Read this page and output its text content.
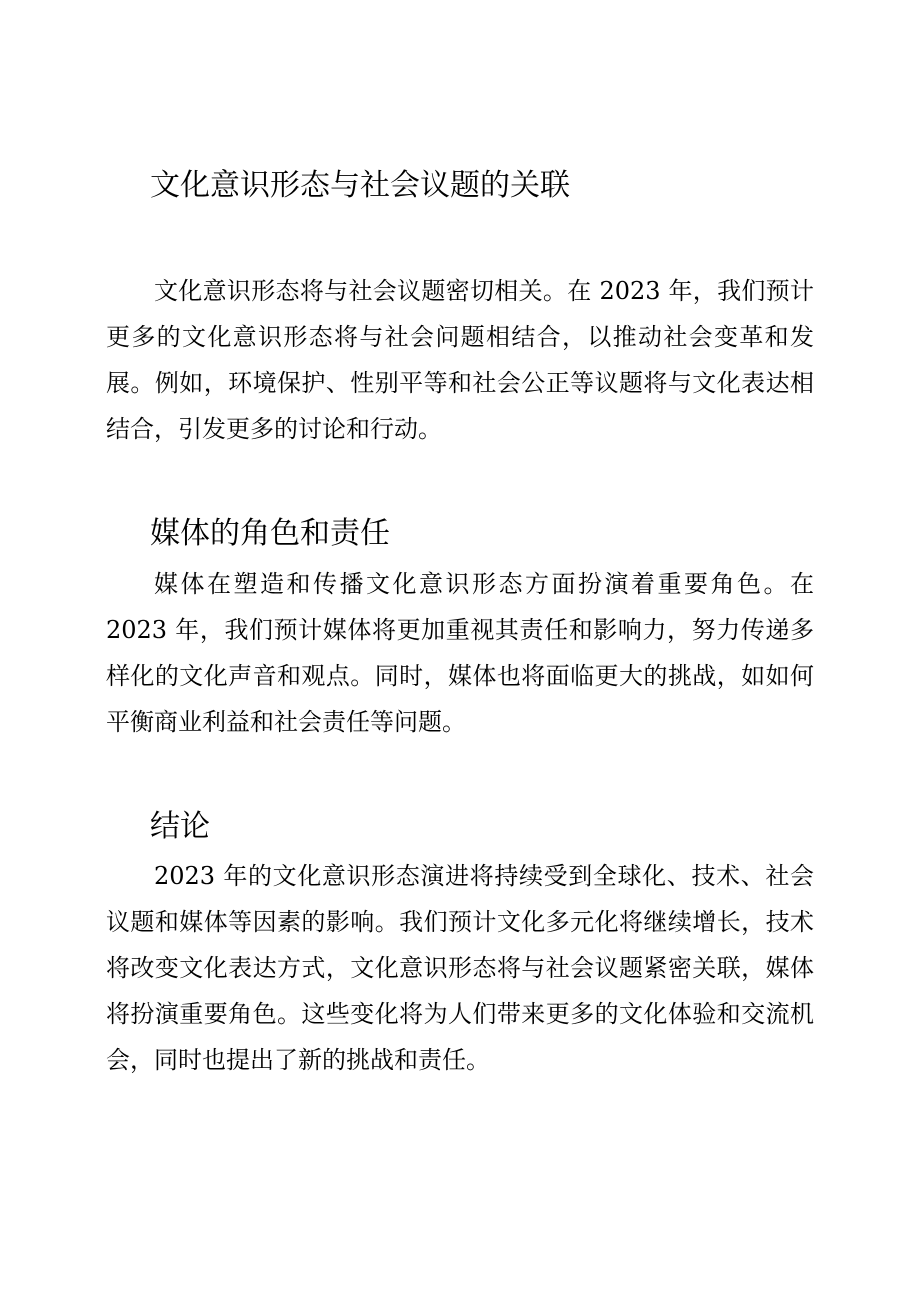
文化意识形态与社会议题的关联

文化意识形态将与社会议题密切相关。在 2023 年，我们预计更多的文化意识形态将与社会问题相结合，以推动社会变革和发展。例如，环境保护、性别平等和社会公正等议题将与文化表达相结合，引发更多的讨论和行动。

媒体的角色和责任

媒体在塑造和传播文化意识形态方面扮演着重要角色。在 2023 年，我们预计媒体将更加重视其责任和影响力，努力传递多样化的文化声音和观点。同时，媒体也将面临更大的挑战，如如何平衡商业利益和社会责任等问题。

结论

2023 年的文化意识形态演进将持续受到全球化、技术、社会议题和媒体等因素的影响。我们预计文化多元化将继续增长，技术将改变文化表达方式，文化意识形态将与社会议题紧密关联，媒体将扮演重要角色。这些变化将为人们带来更多的文化体验和交流机会，同时也提出了新的挑战和责任。
